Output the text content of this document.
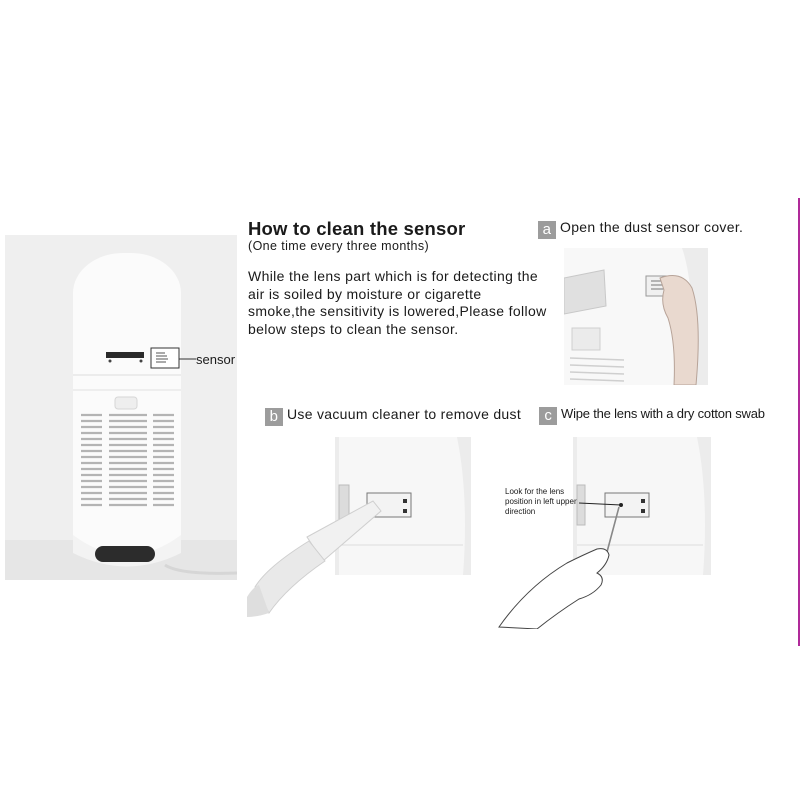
sensor
How to clean the sensor
(One time every three months)
While the lens part which is for detecting the air is soiled by moisture or cigarette smoke,the sensitivity is lowered,Please follow below steps to clean the sensor.
a Open the dust sensor cover.
b Use vacuum cleaner to remove dust	c Wipe the lens with a dry cotton swab
Look for the lens position in left upper direction
